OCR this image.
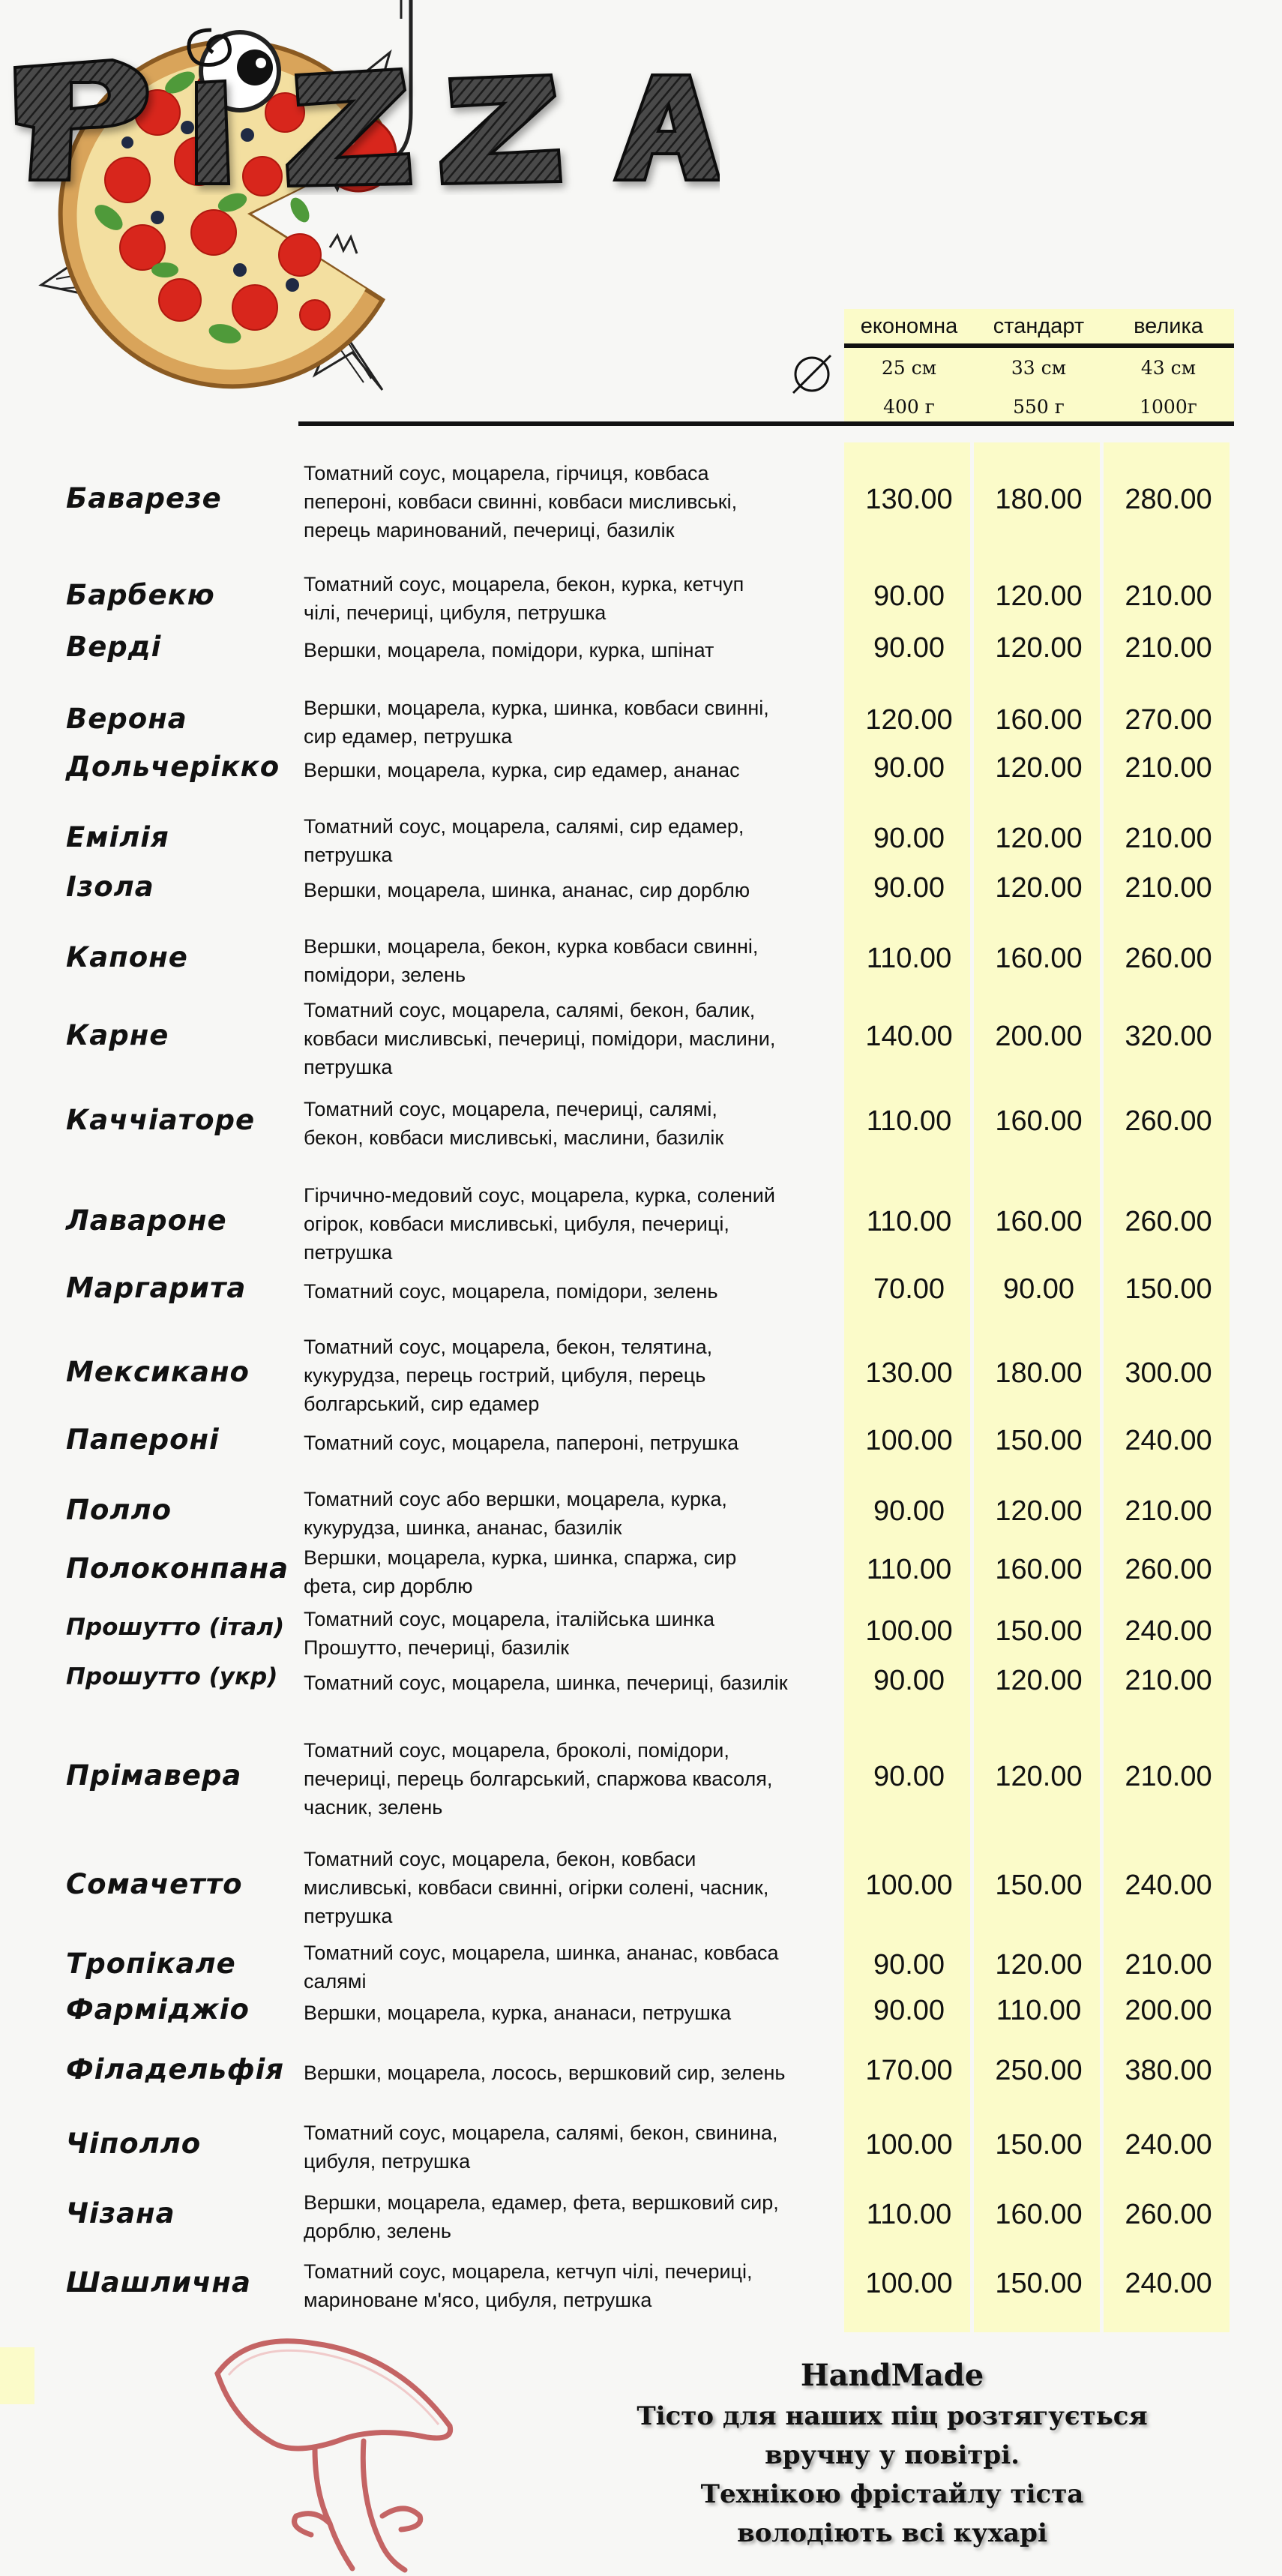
економна	стандарт	велика
25 см	33 см	43 см
400 г	550 г	1000г
Баварезе
Томатний соус, моцарела, гірчиця, ковбаса
пепероні, ковбаси свинні, ковбаси мисливські,
перець маринований, печериці, базилік
130.00	180.00	280.00
Барбекю	Томатний соус, моцарела, бекон, курка, кетчуп
чілі, печериці, цибуля, петрушка
90.00	120.00	210.00
Верді	Вершки, моцарела, помідори, курка, шпінат	90.00	120.00	210.00
Верона	Вершки, моцарела, курка, шинка, ковбаси свинні,
сир едамер, петрушка
120.00	160.00	270.00
Дольчерікко	Вершки, моцарела, курка, сир едамер, ананас	90.00	120.00	210.00
Емілія	Томатний соус, моцарела, салямі, сир едамер,
петрушка
90.00	120.00	210.00
Ізола	Вершки, моцарела, шинка, ананас, сир дорблю	90.00	120.00	210.00
Капоне	Вершки, моцарела, бекон, курка ковбаси свинні,
помідори, зелень
110.00	160.00	260.00
Карне
Томатний соус, моцарела, салямі, бекон, балик,
ковбаси мисливські, печериці, помідори, маслини,
петрушка
140.00	200.00	320.00
Каччіаторе	Томатний соус, моцарела, печериці, салямі,
бекон, ковбаси мисливські, маслини, базилік
110.00	160.00	260.00
Лавароне
Гірчично-медовий соус, моцарела, курка, солений
огірок, ковбаси мисливські, цибуля, печериці,
петрушка
110.00	160.00	260.00
Маргарита	Томатний соус, моцарела, помідори, зелень	70.00	90.00	150.00
Мексикано
Томатний соус, моцарела, бекон, телятина,
кукурудза, перець гострий, цибуля, перець
болгарський, сир едамер
130.00	180.00	300.00
Папероні	Томатний соус, моцарела, папероні, петрушка	100.00	150.00	240.00
Полло	Томатний соус або вершки, моцарела, курка,
кукурудза, шинка, ананас, базилік
90.00	120.00	210.00
Полоконпана Вершки, моцарела, курка, шинка, спаржа, сир
фета, сир дорблю
110.00	160.00	260.00
Прошутто (італ) Томатний соус, моцарела, італійська шинка
Прошутто, печериці, базилік
100.00	150.00	240.00
Прошутто (укр)	Томатний соус, моцарела, шинка, печериці, базилік	90.00	120.00	210.00
Прімавера
Томатний соус, моцарела, броколі, помідори,
печериці, перець болгарський, спаржова квасоля,
часник, зелень
90.00	120.00	210.00
Сомачетто
Томатний соус, моцарела, бекон, ковбаси
мисливські, ковбаси свинні, огірки солені, часник,
петрушка
100.00	150.00	240.00
Тропікале	Томатний соус, моцарела, шинка, ананас, ковбаса
салямі
90.00	120.00	210.00
Фарміджіо	Вершки, моцарела, курка, ананаси, петрушка	90.00	110.00	200.00
Філадельфія Вершки, моцарела, лосось, вершковий сир, зелень	170.00	250.00	380.00
Чіполло	Томатний соус, моцарела, салямі, бекон, свинина,
цибуля, петрушка
100.00	150.00	240.00
Чізана	Вершки, моцарела, едамер, фета, вершковий сир,
дорблю, зелень
110.00	160.00	260.00
Шашлична	Томатний соус, моцарела, кетчуп чілі, печериці,
мариноване м'ясо, цибуля, петрушка
100.00	150.00	240.00
HandMade

Тісто для наших піц розтягується

вручну у повітрі.

Технікою фрістайлу тіста

володіють всі кухарі
